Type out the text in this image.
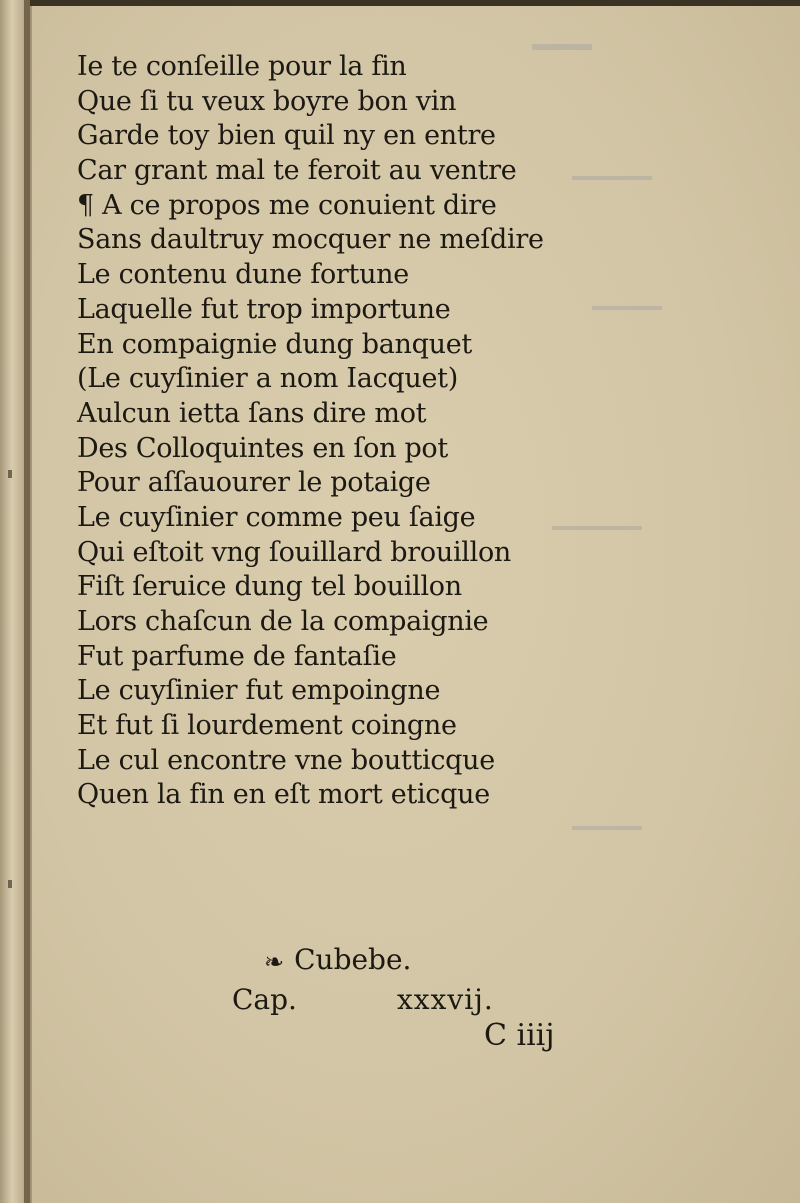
Ie te conſeille pour la fin
Que ſi tu veux boyre bon vin
Garde toy bien quil ny en entre
Car grant mal te feroit au ventre
¶ A ce propos me conuient dire
Sans daultruy mocquer ne meſdire
Le contenu dune fortune
Laquelle fut trop importune
En compaignie dung banquet
(Le cuyſinier a nom Iacquet)
Aulcun ietta ſans dire mot
Des Colloquintes en ſon pot
Pour aſſauourer le potaige
Le cuyſinier comme peu ſaige
Qui eſtoit vng ſouillard brouillon
Fiſt ſeruice dung tel bouillon
Lors chaſcun de la compaignie
Fut parfume de fantaſie
Le cuyſinier fut empoingne
Et fut ſi lourdement coingne
Le cul encontre vne boutticque
Quen la fin en eſt mort eticque
❧ Cubebe.
Cap.	xxxvij.
C iiij
